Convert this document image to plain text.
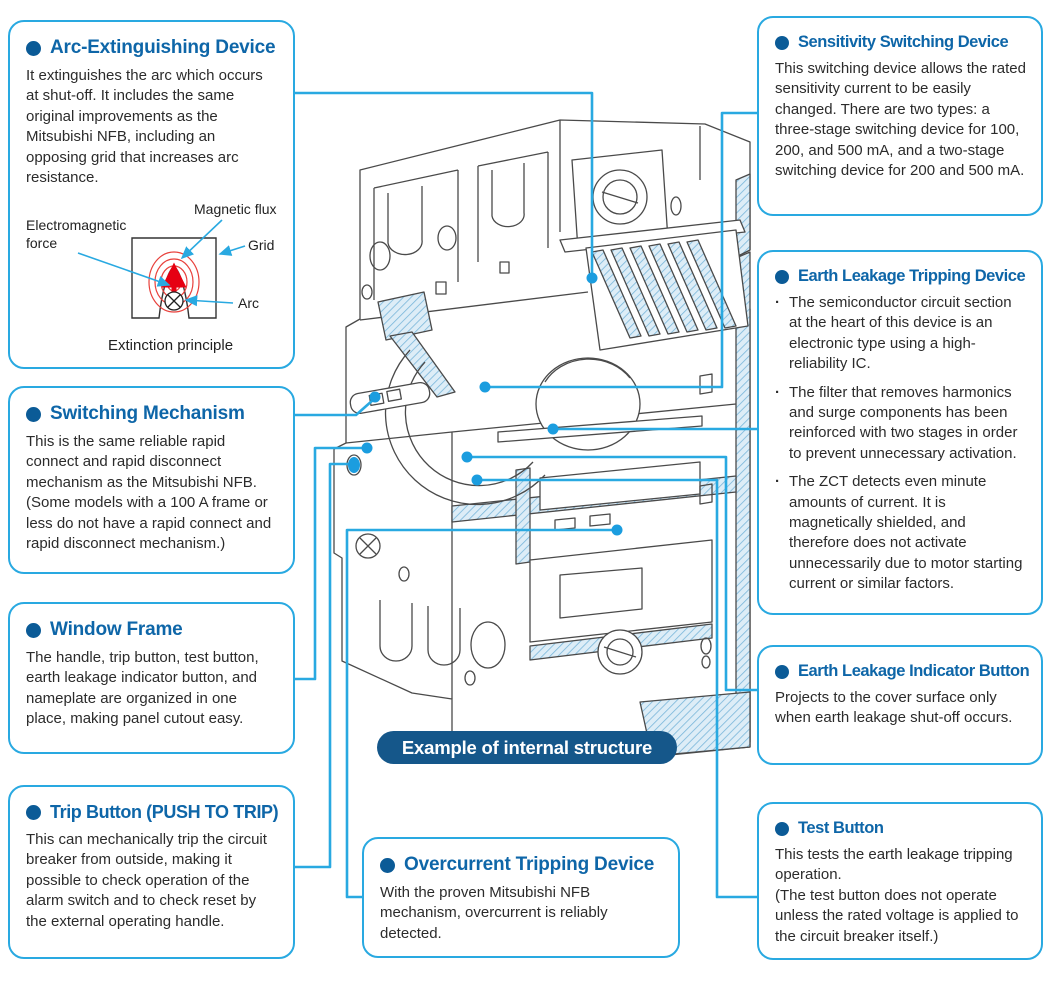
Arc-Extinguishing Device
It extinguishes the arc which occurs at shut-off. It includes the same original improvements as the Mitsubishi NFB, including an opposing grid that increases arc resistance.
Magnetic flux
Electromagnetic
force	Grid
Arc
Extinction principle
Switching Mechanism
This is the same reliable rapid connect and rapid disconnect mechanism as the Mitsubishi NFB. (Some models with a 100 A frame or less do not have a rapid connect and rapid disconnect mechanism.)
Window Frame
The handle, trip button, test button, earth leakage indicator button, and nameplate are organized in one place, making panel cutout easy.
Trip Button (PUSH TO TRIP)
This can mechanically trip the circuit breaker from outside, making it possible to check operation of the alarm switch and to check reset by the external operating handle.
Example of internal structure
Overcurrent Tripping Device
With the proven Mitsubishi NFB mechanism, overcurrent is reliably detected.
Sensitivity Switching Device
This switching device allows the rated sensitivity current to be easily changed. There are two types: a three-stage switching device for 100, 200, and 500 mA, and a two-stage switching device for 200 and 500 mA.
Earth Leakage Tripping Device
· The semiconductor circuit section at the heart of this device is an electronic type using a high-reliability IC.
· The filter that removes harmonics and surge components has been reinforced with two stages in order to prevent unnecessary activation.
· The ZCT detects even minute amounts of current. It is magnetically shielded, and therefore does not activate unnecessarily due to motor starting current or similar factors.
Earth Leakage Indicator Button
Projects to the cover surface only when earth leakage shut-off occurs.
Test Button
This tests the earth leakage tripping operation.
(The test button does not operate unless the rated voltage is applied to the circuit breaker itself.)
